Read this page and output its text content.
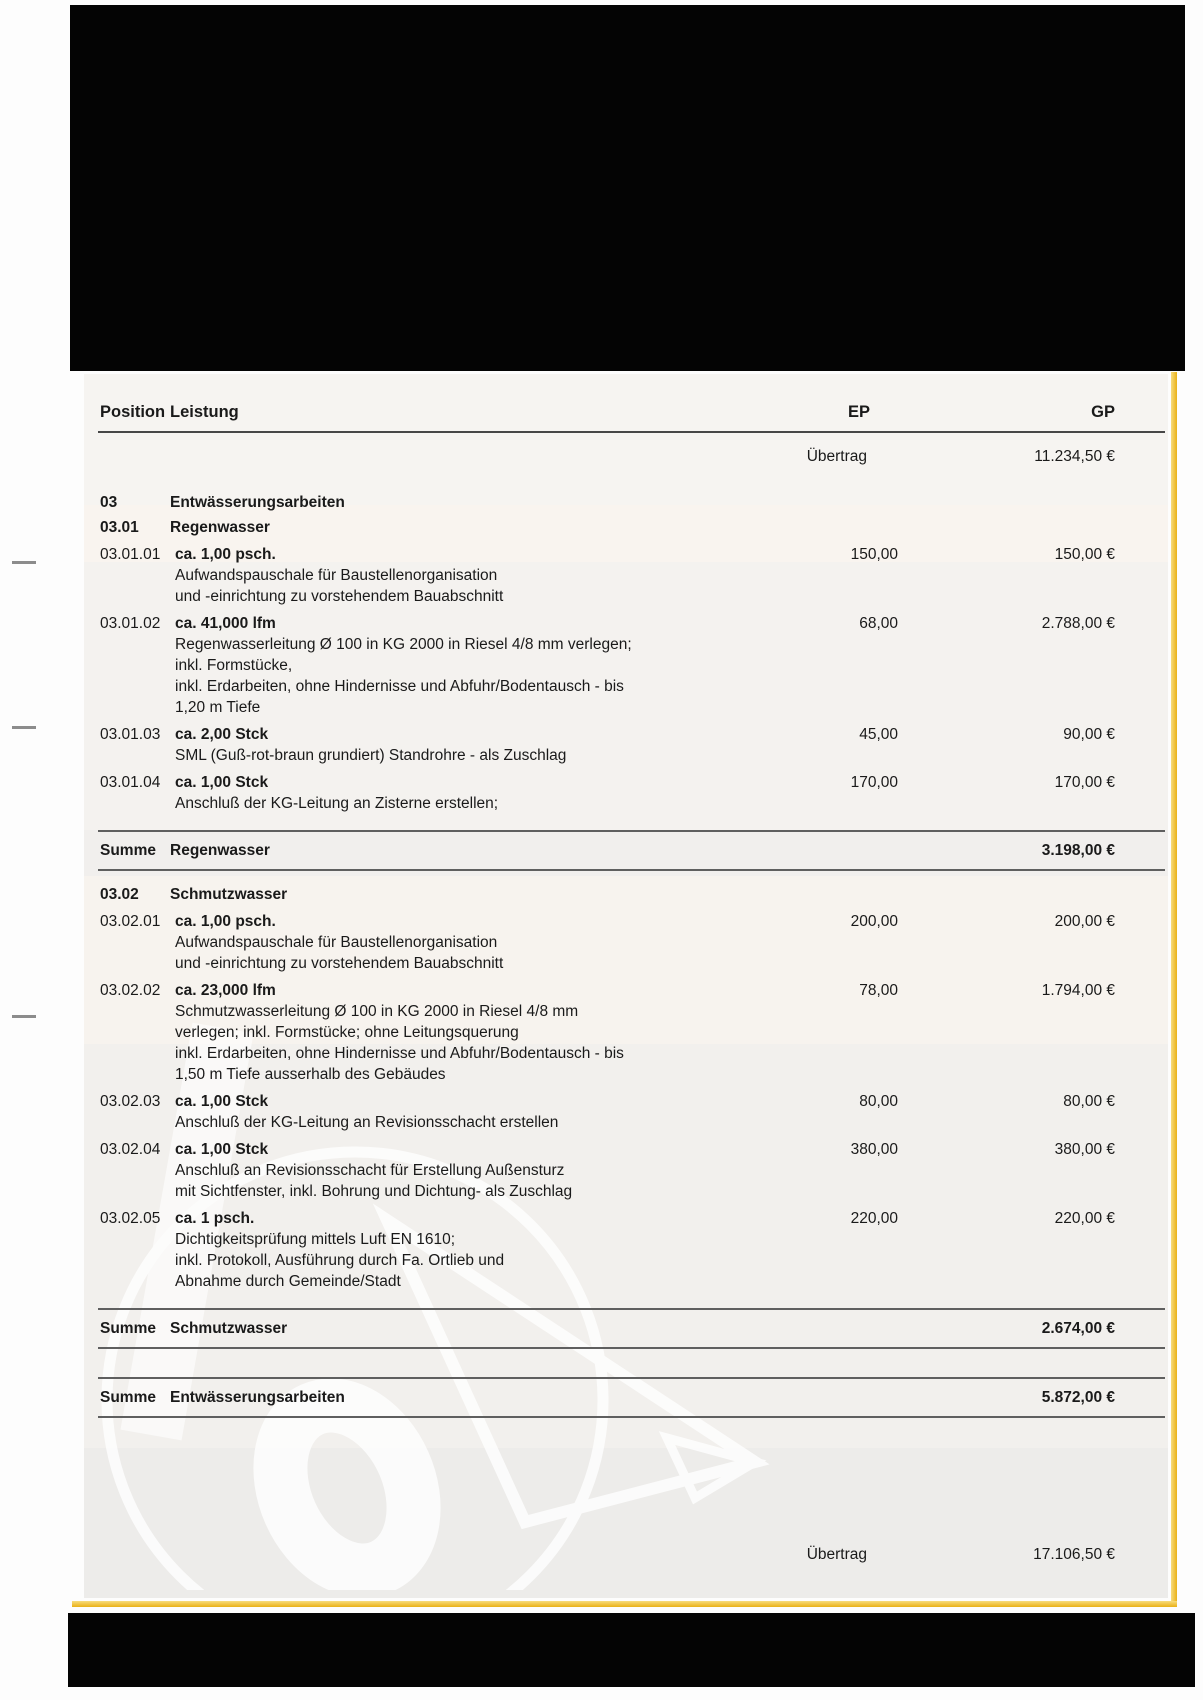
Position Leistung	EP	GP
Übertrag	11.234,50 €
03	Entwässerungsarbeiten
03.01 Regenwasser
03.01.01 ca. 1,00 psch.
Aufwandspauschale für Baustellenorganisation
und -einrichtung zu vorstehendem Bauabschnitt
150,00	150,00 €
03.01.02 ca. 41,000 lfm
Regenwasserleitung Ø 100 in KG 2000 in Riesel 4/8 mm verlegen;
inkl. Formstücke,
inkl. Erdarbeiten, ohne Hindernisse und Abfuhr/Bodentausch - bis
1,20 m Tiefe
68,00	2.788,00 €
03.01.03 ca. 2,00 Stck
SML (Guß-rot-braun grundiert) Standrohre - als Zuschlag
45,00	90,00 €
03.01.04 ca. 1,00 Stck
Anschluß der KG-Leitung an Zisterne erstellen;
170,00	170,00 €
Summe Regenwasser	3.198,00 €
03.02 Schmutzwasser
03.02.01 ca. 1,00 psch.
Aufwandspauschale für Baustellenorganisation
und -einrichtung zu vorstehendem Bauabschnitt
200,00	200,00 €
03.02.02 ca. 23,000 lfm
Schmutzwasserleitung Ø 100 in KG 2000 in Riesel 4/8 mm
verlegen; inkl. Formstücke; ohne Leitungsquerung
inkl. Erdarbeiten, ohne Hindernisse und Abfuhr/Bodentausch - bis
1,50 m Tiefe ausserhalb des Gebäudes
78,00	1.794,00 €
03.02.03 ca. 1,00 Stck
Anschluß der KG-Leitung an Revisionsschacht erstellen
80,00	80,00 €
03.02.04 ca. 1,00 Stck
Anschluß an Revisionsschacht für Erstellung Außensturz
mit Sichtfenster, inkl. Bohrung und Dichtung- als Zuschlag
380,00	380,00 €
03.02.05 ca. 1 psch.
Dichtigkeitsprüfung mittels Luft EN 1610;
inkl. Protokoll, Ausführung durch Fa. Ortlieb und
Abnahme durch Gemeinde/Stadt
220,00	220,00 €
Summe Schmutzwasser	2.674,00 €
Summe Entwässerungsarbeiten	5.872,00 €
Übertrag	17.106,50 €
